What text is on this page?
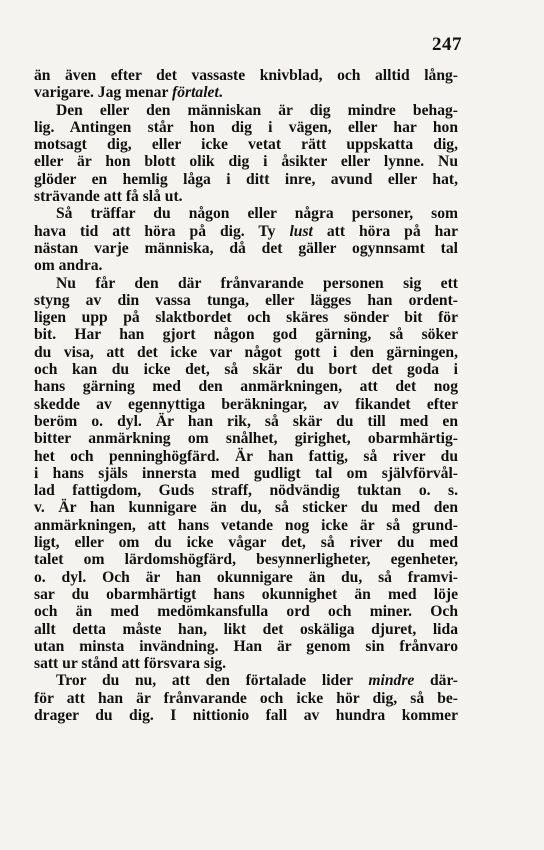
247
än även efter det vassaste knivblad, och alltid lång-
varigare. Jag menar förtalet.
Den eller den människan är dig mindre behag-
lig. Antingen står hon dig i vägen, eller har hon
motsagt dig, eller icke vetat rätt uppskatta dig,
eller är hon blott olik dig i åsikter eller lynne. Nu
glöder en hemlig låga i ditt inre, avund eller hat,
strävande att få slå ut.
Så träffar du någon eller några personer, som
hava tid att höra på dig. Ty lust att höra på har
nästan varje människa, då det gäller ogynnsamt tal
om andra.
Nu får den där frånvarande personen sig ett
styng av din vassa tunga, eller lägges han ordent-
ligen upp på slaktbordet och skäres sönder bit för
bit. Har han gjort någon god gärning, så söker
du visa, att det icke var något gott i den gärningen,
och kan du icke det, så skär du bort det goda i
hans gärning med den anmärkningen, att det nog
skedde av egennyttiga beräkningar, av fikandet efter
beröm o. dyl. Är han rik, så skär du till med en
bitter anmärkning om snålhet, girighet, obarmhärtig-
het och penninghögfärd. Är han fattig, så river du
i hans själs innersta med gudligt tal om självförvål-
lad fattigdom, Guds straff, nödvändig tuktan o. s.
v. Är han kunnigare än du, så sticker du med den
anmärkningen, att hans vetande nog icke är så grund-
ligt, eller om du icke vågar det, så river du med
talet om lärdomshögfärd, besynnerligheter, egenheter,
o. dyl. Och är han okunnigare än du, så framvi-
sar du obarmhärtigt hans okunnighet än med löje
och än med medömkansfulla ord och miner. Och
allt detta måste han, likt det oskäliga djuret, lida
utan minsta invändning. Han är genom sin frånvaro
satt ur stånd att försvara sig.
Tror du nu, att den förtalade lider mindre där-
för att han är frånvarande och icke hör dig, så be-
drager du dig. I nittionio fall av hundra kommer
